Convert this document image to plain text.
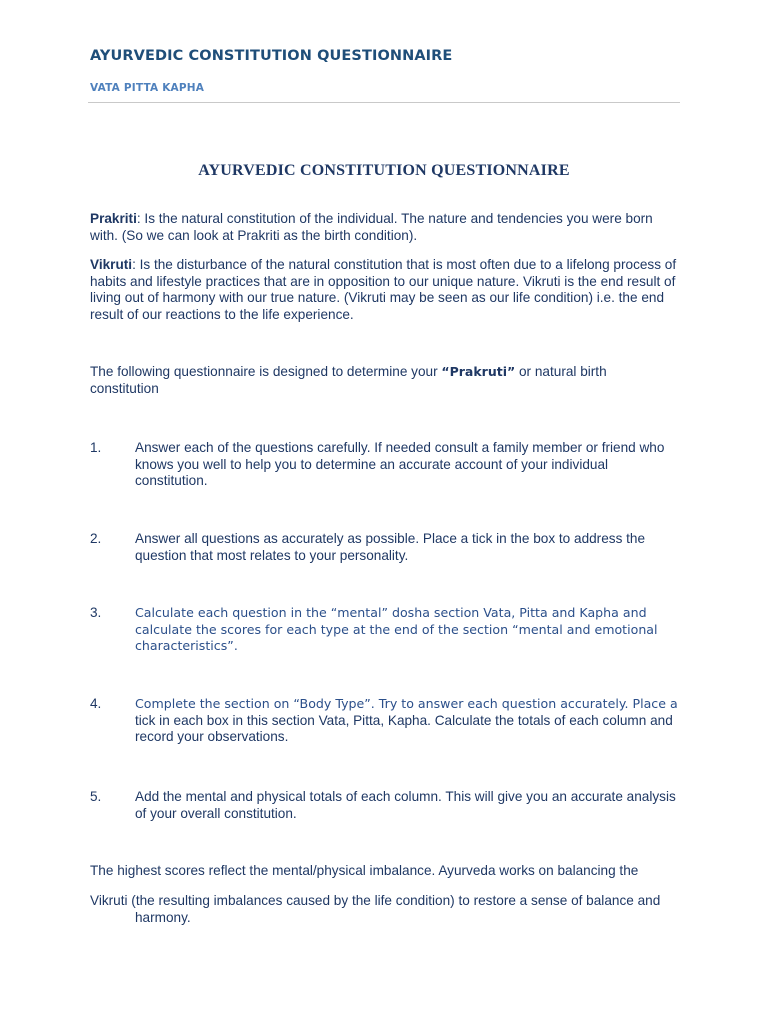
AYURVEDIC CONSTITUTION QUESTIONNAIRE
VATA PITTA KAPHA
AYURVEDIC CONSTITUTION QUESTIONNAIRE
Prakriti: Is the natural constitution of the individual. The nature and tendencies you were born with. (So we can look at Prakriti as the birth condition).
Vikruti: Is the disturbance of the natural constitution that is most often due to a lifelong process of habits and lifestyle practices that are in opposition to our unique nature. Vikruti is the end result of living out of harmony with our true nature. (Vikruti may be seen as our life condition) i.e. the end result of our reactions to the life experience.
The following questionnaire is designed to determine your “Prakruti” or natural birth constitution
1. Answer each of the questions carefully. If needed consult a family member or friend who knows you well to help you to determine an accurate account of your individual constitution.
2. Answer all questions as accurately as possible. Place a tick in the box to address the question that most relates to your personality.
3.	Calculate each question in the “mental” dosha section Vata, Pitta and Kapha and calculate the scores for each type at the end of the section “mental and emotional characteristics”.
4.	Complete the section on “Body Type”. Try to answer each question accurately. Place a
tick in each box in this section Vata, Pitta, Kapha. Calculate the totals of each column and record your observations.
5. Add the mental and physical totals of each column. This will give you an accurate analysis of your overall constitution.
The highest scores reflect the mental/physical imbalance. Ayurveda works on balancing the
Vikruti (the resulting imbalances caused by the life condition) to restore a sense of balance and
harmony.
